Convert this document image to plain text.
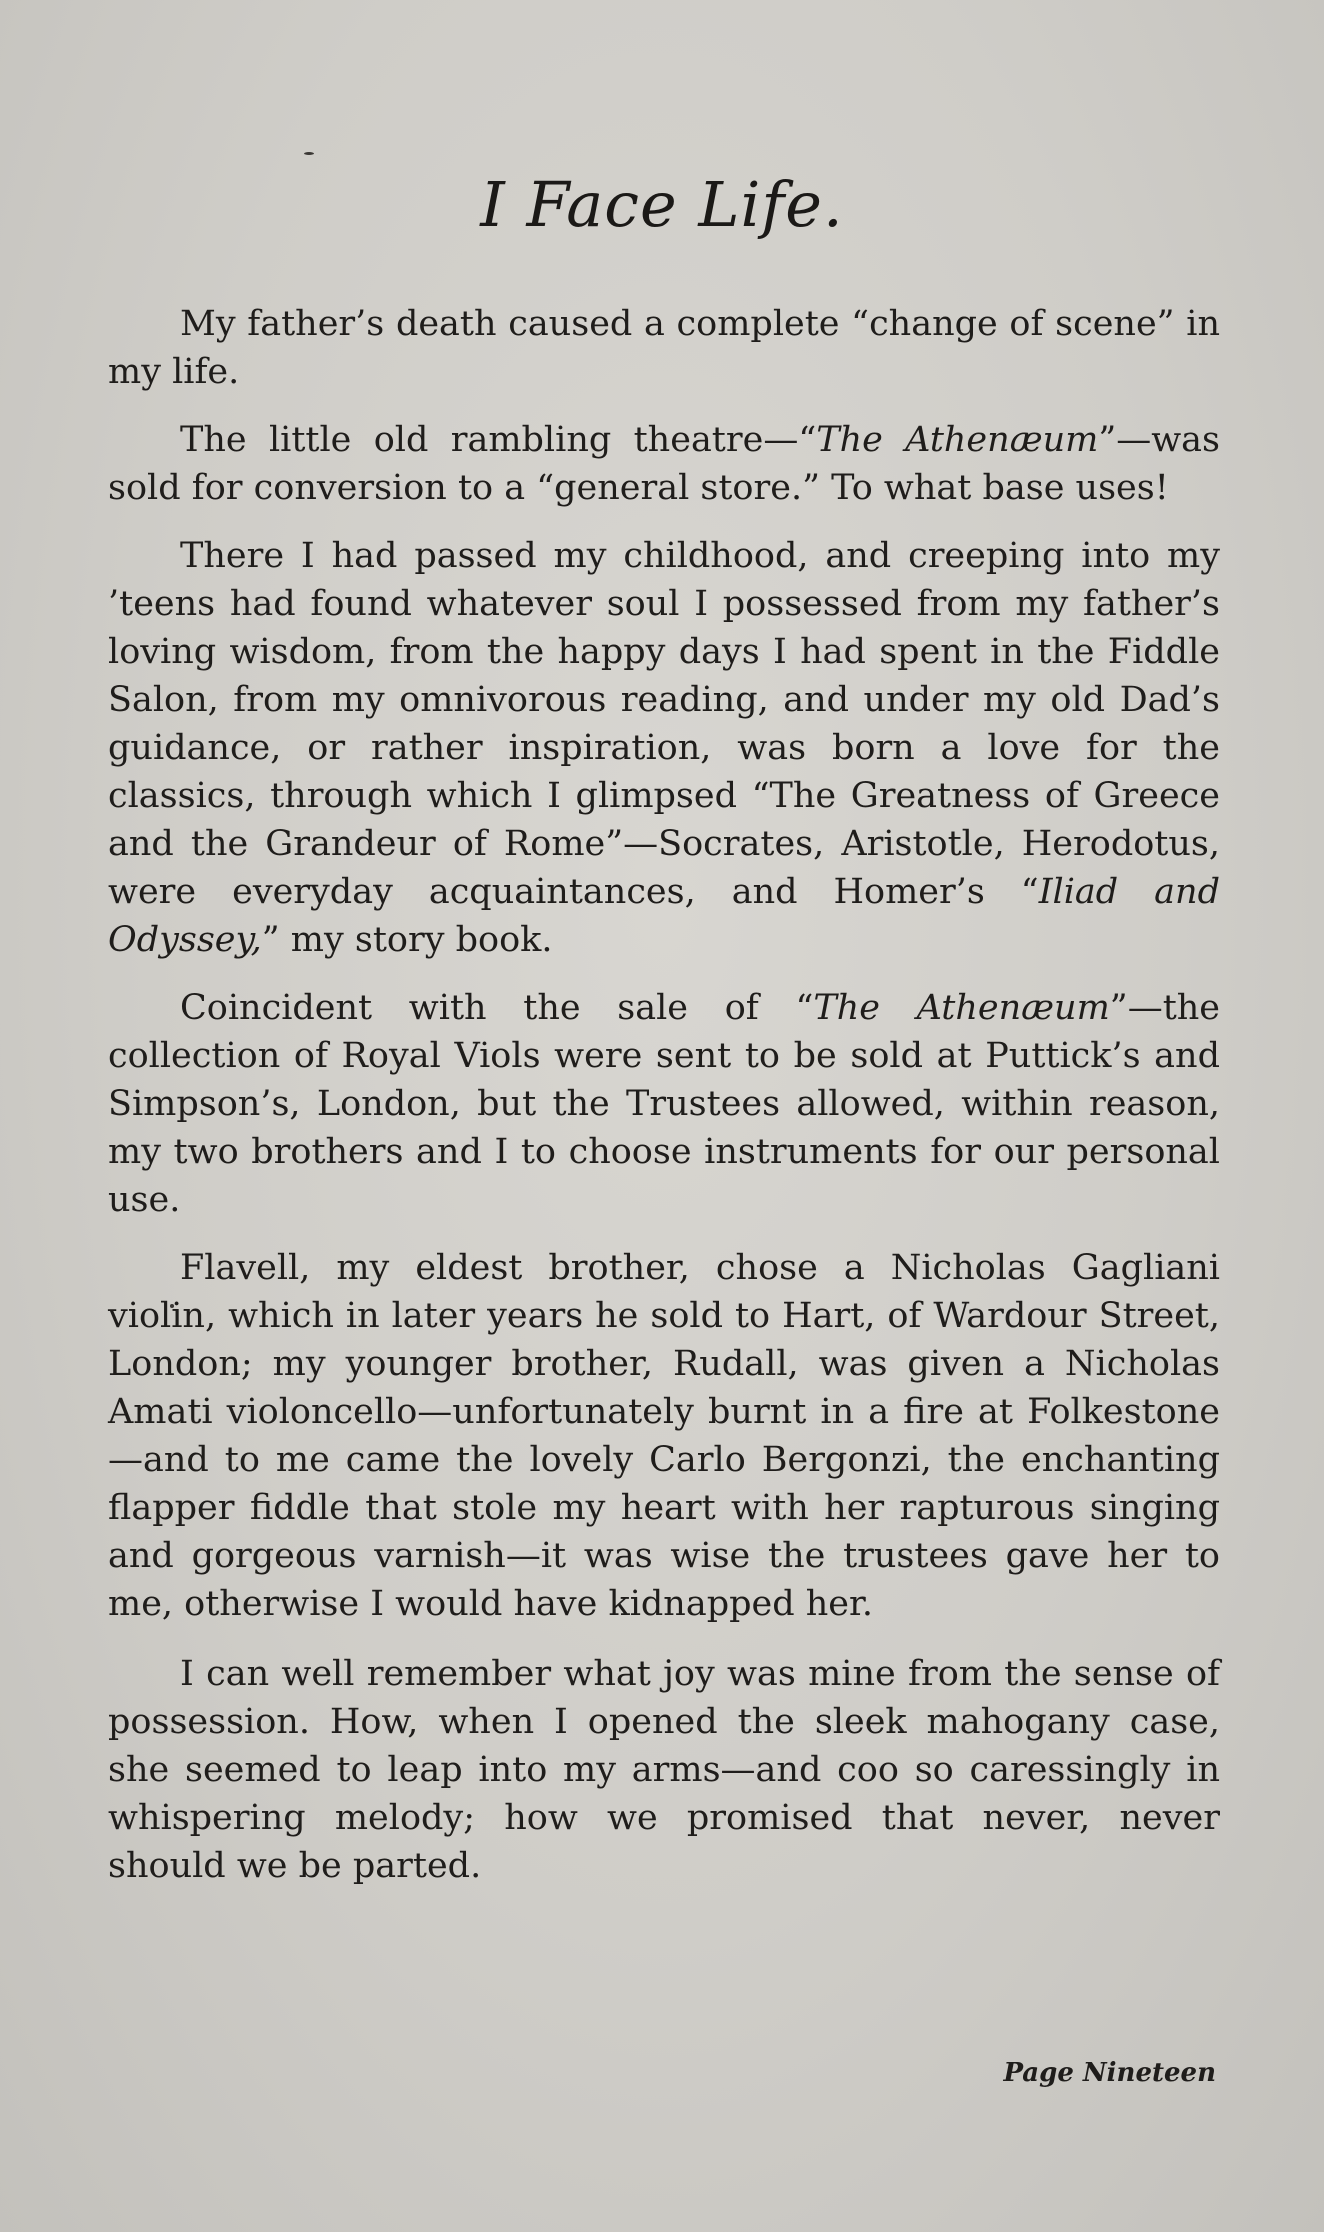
I Face Life.

My father’s death caused a complete “change of scene” in my life.

The little old rambling theatre—“The Athenæum”—was sold for conversion to a “general store.” To what base uses!

There I had passed my childhood, and creeping into my ’teens had found whatever soul I possessed from my father’s loving wisdom, from the happy days I had spent in the Fiddle Salon, from my omnivorous reading, and under my old Dad’s guidance, or rather inspiration, was born a love for the classics, through which I glimpsed “The Greatness of Greece and the Grandeur of Rome”—Socrates, Aristotle, Herodotus, were everyday acquaintances, and Homer’s “Iliad and Odyssey,” my story book.

Coincident with the sale of “The Athenæum”—the collection of Royal Viols were sent to be sold at Puttick’s and Simpson’s, London, but the Trustees allowed, within reason, my two brothers and I to choose instruments for our personal use.

Flavell, my eldest brother, chose a Nicholas Gagliani violin, which in later years he sold to Hart, of Wardour Street, London; my younger brother, Rudall, was given a Nicholas Amati violoncello—unfortunately burnt in a fire at Folkestone—and to me came the lovely Carlo Bergonzi, the enchanting flapper fiddle that stole my heart with her rapturous singing and gorgeous varnish—it was wise the trustees gave her to me, otherwise I would have kidnapped her.

I can well remember what joy was mine from the sense of possession. How, when I opened the sleek mahogany case, she seemed to leap into my arms—and coo so caressingly in whispering melody; how we promised that never, never should we be parted.

Page Nineteen
